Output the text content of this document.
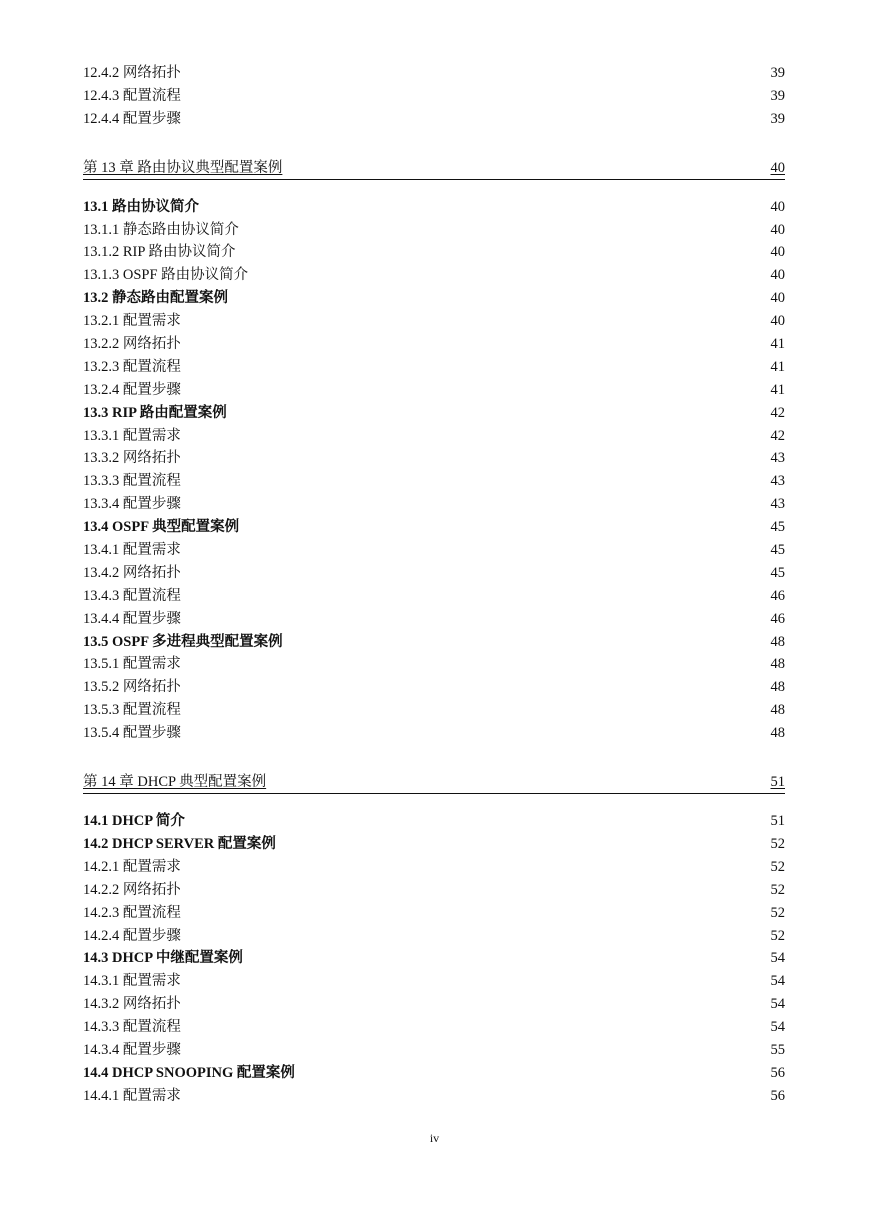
12.4.2 网络拓扑	39
12.4.3 配置流程	39
12.4.4 配置步骤	39
第 13 章 路由协议典型配置案例	40
13.1 路由协议简介	40
13.1.1 静态路由协议简介	40
13.1.2 RIP 路由协议简介	40
13.1.3 OSPF 路由协议简介	40
13.2 静态路由配置案例	40
13.2.1 配置需求	40
13.2.2 网络拓扑	41
13.2.3 配置流程	41
13.2.4 配置步骤	41
13.3 RIP 路由配置案例	42
13.3.1 配置需求	42
13.3.2 网络拓扑	43
13.3.3 配置流程	43
13.3.4 配置步骤	43
13.4 OSPF 典型配置案例	45
13.4.1 配置需求	45
13.4.2 网络拓扑	45
13.4.3 配置流程	46
13.4.4 配置步骤	46
13.5 OSPF 多进程典型配置案例	48
13.5.1 配置需求	48
13.5.2 网络拓扑	48
13.5.3 配置流程	48
13.5.4 配置步骤	48
第 14 章 DHCP 典型配置案例	51
14.1 DHCP 简介	51
14.2 DHCP SERVER 配置案例	52
14.2.1 配置需求	52
14.2.2 网络拓扑	52
14.2.3 配置流程	52
14.2.4 配置步骤	52
14.3 DHCP 中继配置案例	54
14.3.1 配置需求	54
14.3.2 网络拓扑	54
14.3.3 配置流程	54
14.3.4 配置步骤	55
14.4 DHCP SNOOPING 配置案例	56
14.4.1 配置需求	56
iv
